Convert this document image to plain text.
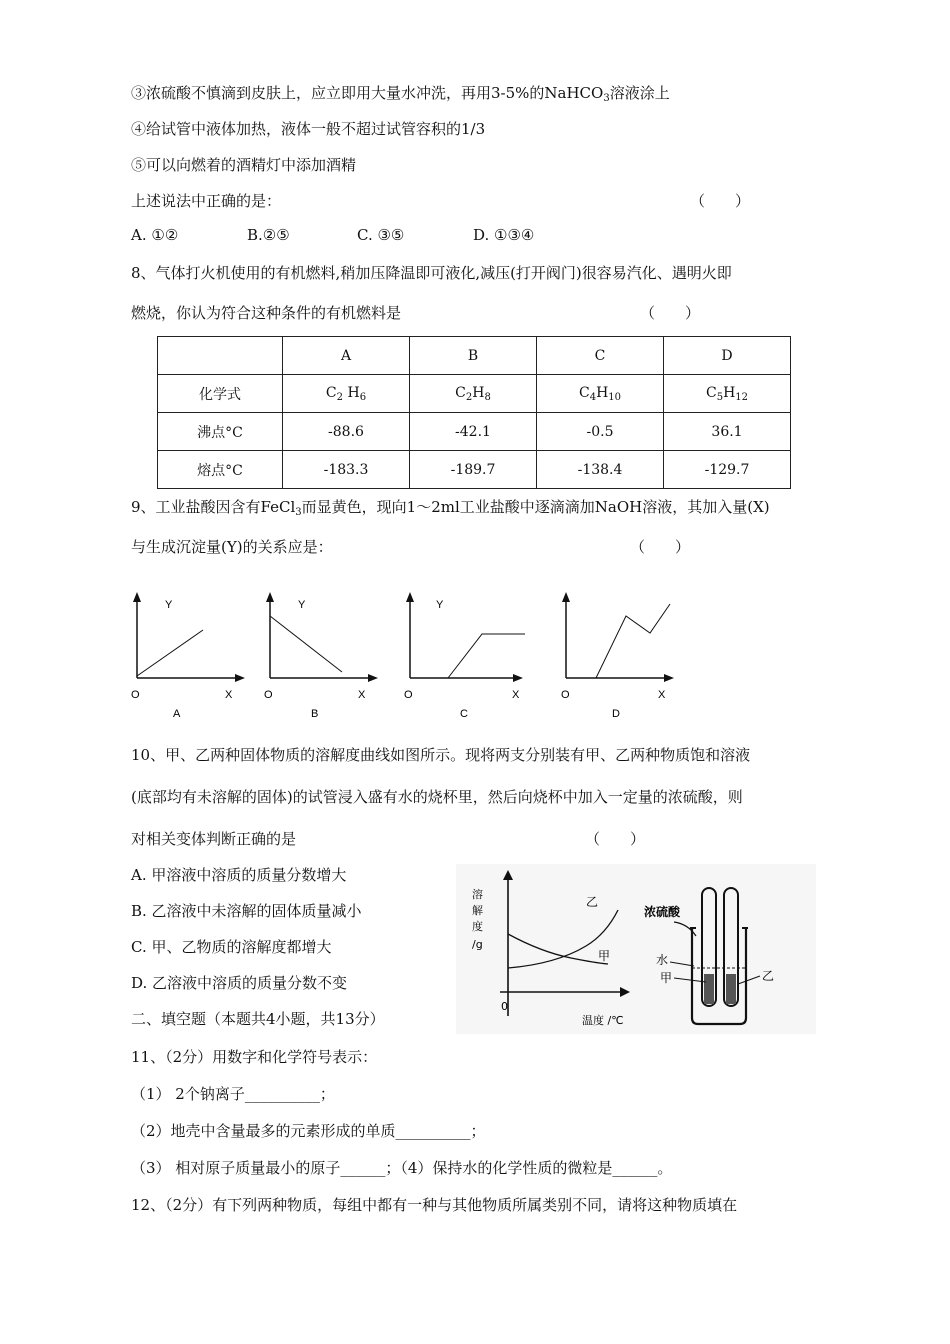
③浓硫酸不慎滴到皮肤上，应立即用大量水冲洗，再用3-5%的NaHCO$_3$溶液涂上
④给试管中液体加热，液体一般不超过试管容积的1/3
⑤可以向燃着的酒精灯中添加酒精
上述说法中正确的是：	（　　）
A. ①②	B.②⑤	C. ③⑤	D. ①③④
8、气体打火机使用的有机燃料,稍加压降温即可液化,减压(打开阀门)很容易汽化、遇明火即
燃烧，你认为符合这种条件的有机燃料是	（　　）
	A	B	C	D
化学式	$C_2$ $H_6$	$C_2H_8$	$C_4H_{10}$	$C_5H_{12}$
沸点°C	-88.6	-42.1	-0.5	36.1
熔点°C	-183.3	-189.7	-138.4	-129.7
9、工业盐酸因含有FeCl$_3$而显黄色，现向1～2ml工业盐酸中逐滴滴加NaOH溶液，其加入量(X)
与生成沉淀量(Y)的关系应是：	（　　）
Y
O	X
A
Y
O	X
B
Y
O	X
C
O	X
D
10、甲、乙两种固体物质的溶解度曲线如图所示。现将两支分别装有甲、乙两种物质饱和溶液
(底部均有未溶解的固体)的试管浸入盛有水的烧杯里，然后向烧杯中加入一定量的浓硫酸，则
对相关变体判断正确的是	（　　）
A. 甲溶液中溶质的质量分数增大
B. 乙溶液中未溶解的固体质量减小
C. 甲、乙物质的溶解度都增大
D. 乙溶液中溶质的质量分数不变
溶
解
度
/g
0
温度 /℃
乙
甲
浓硫酸
水
甲	乙
二、填空题（本题共4小题，共13分）
11、（2分）用数字和化学符号表示：
（1） 2个钠离子__________；
（2）地壳中含量最多的元素形成的单质__________；
（3） 相对原子质量最小的原子______；（4）保持水的化学性质的微粒是______。
12、（2分）有下列两种物质，每组中都有一种与其他物质所属类别不同，请将这种物质填在
